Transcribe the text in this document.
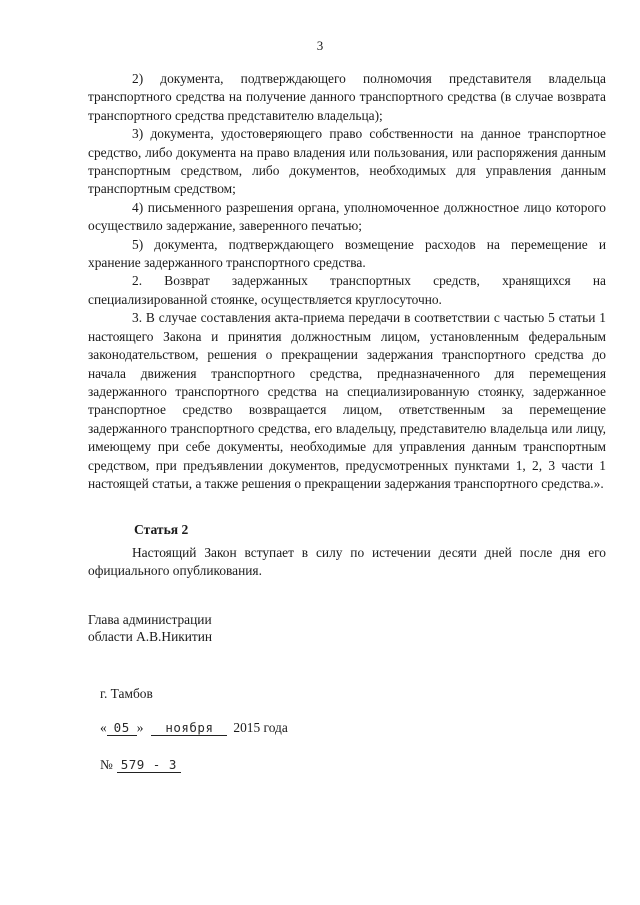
3

2) документа, подтверждающего полномочия представителя владельца транспортного средства на получение данного транспортного средства (в случае возврата транспортного средства представителю владельца);

3) документа, удостоверяющего право собственности на данное транспортное средство, либо документа на право владения или пользования, или распоряжения данным транспортным средством, либо документов, необходимых для управления данным транспортным средством;

4) письменного разрешения органа, уполномоченное должностное лицо которого осуществило задержание, заверенного печатью;

5) документа, подтверждающего возмещение расходов на перемещение и хранение задержанного транспортного средства.

2. Возврат задержанных транспортных средств, хранящихся на специализированной стоянке, осуществляется круглосуточно.

3. В случае составления акта-приема передачи в соответствии с частью 5 статьи 1 настоящего Закона и принятия должностным лицом, установленным федеральным законодательством, решения о прекращении задержания транспортного средства до начала движения транспортного средства, предназначенного для перемещения задержанного транспортного средства на специализированную стоянку, задержанное транспортное средство возвращается лицом, ответственным за перемещение задержанного транспортного средства, его владельцу, представителю владельца или лицу, имеющему при себе документы, необходимые для управления данным транспортным средством, при предъявлении документов, предусмотренных пунктами 1, 2, 3 части 1 настоящей статьи, а также решения о прекращении задержания транспортного средства.».

Статья 2

Настоящий Закон вступает в силу по истечении десяти дней после дня его официального опубликования.

Глава администрации
области А.В.Никитин
г. Тамбов
« 05 » ноября 2015 года
№ 579 - 3
